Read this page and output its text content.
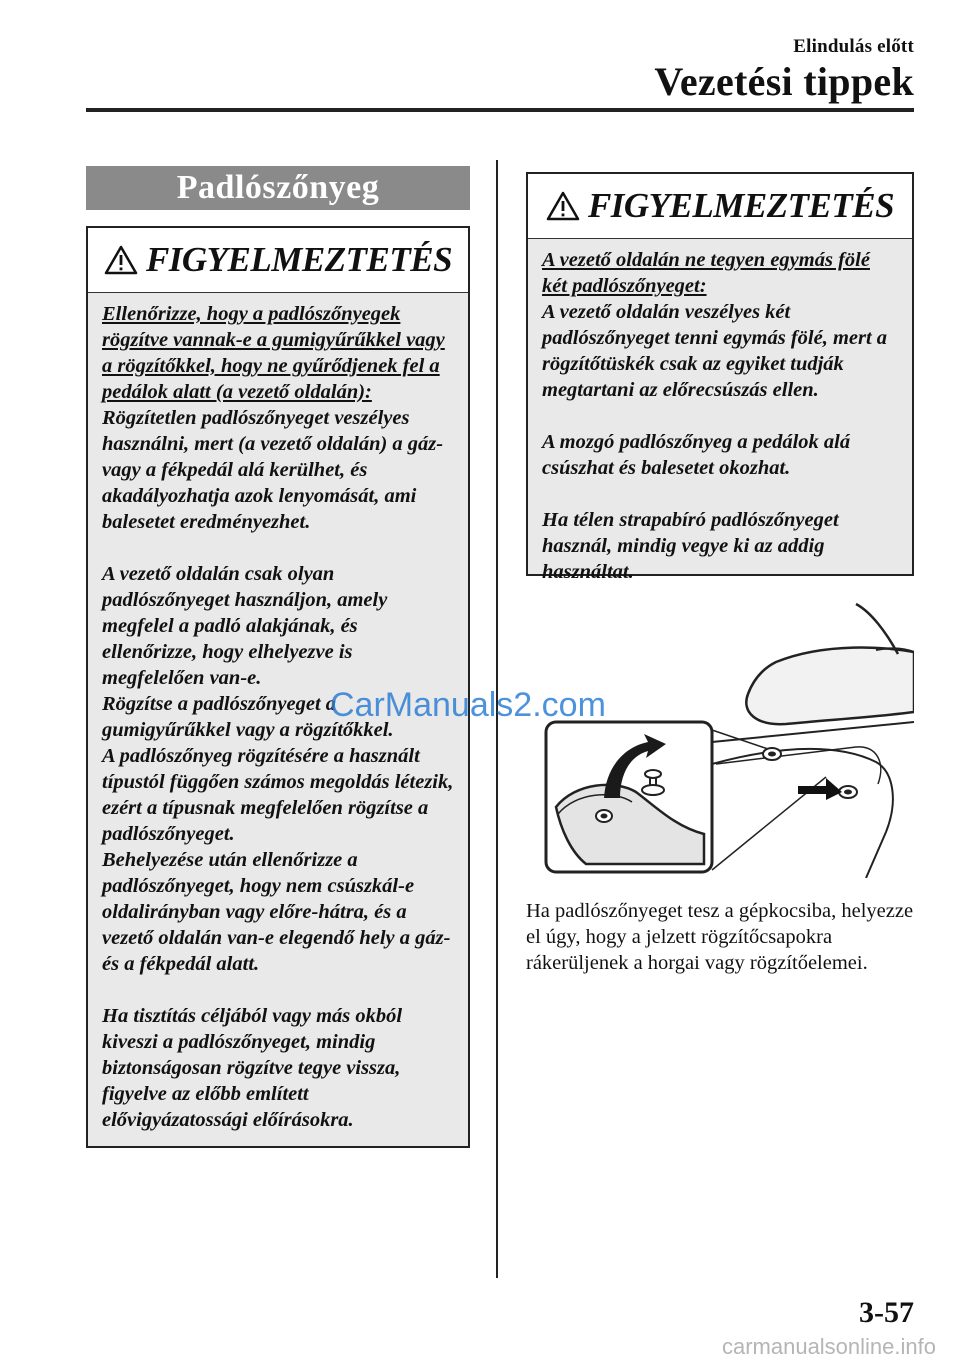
Elindulás előtt
Vezetési tippek
Padlószőnyeg
FIGYELMEZTETÉS

Ellenőrizze, hogy a padlószőnyegek rögzítve vannak-e a gumigyűrűkkel vagy a rögzítőkkel, hogy ne gyűrődjenek fel a pedálok alatt (a vezető oldalán):

Rögzítetlen padlószőnyeget veszélyes használni, mert (a vezető oldalán) a gáz- vagy a fékpedál alá kerülhet, és akadályozhatja azok lenyomását, ami balesetet eredményezhet.

A vezető oldalán csak olyan padlószőnyeget használjon, amely megfelel a padló alakjának, és ellenőrizze, hogy elhelyezve is megfelelően van-e.

Rögzítse a padlószőnyeget a gumigyűrűkkel vagy a rögzítőkkel.

A padlószőnyeg rögzítésére a használt típustól függően számos megoldás létezik, ezért a típusnak megfelelően rögzítse a padlószőnyeget.

Behelyezése után ellenőrizze a padlószőnyeget, hogy nem csúszkál-e oldalirányban vagy előre-hátra, és a vezető oldalán van-e elegendő hely a gáz- és a fékpedál alatt.

Ha tisztítás céljából vagy más okból kiveszi a padlószőnyeget, mindig biztonságosan rögzítve tegye vissza, figyelve az előbb említett elővigyázatossági előírásokra.

FIGYELMEZTETÉS

A vezető oldalán ne tegyen egymás fölé két padlószőnyeget:

A vezető oldalán veszélyes két padlószőnyeget tenni egymás fölé, mert a rögzítőtüskék csak az egyiket tudják megtartani az előrecsúszás ellen.

A mozgó padlószőnyeg a pedálok alá csúszhat és balesetet okozhat.

Ha télen strapabíró padlószőnyeget használ, mindig vegye ki az addig használtat.

Ha padlószőnyeget tesz a gépkocsiba, helyezze el úgy, hogy a jelzett rögzítőcsapokra rákerüljenek a horgai vagy rögzítőelemei.
CarManuals2.com
3-57
carmanualsonline.info
